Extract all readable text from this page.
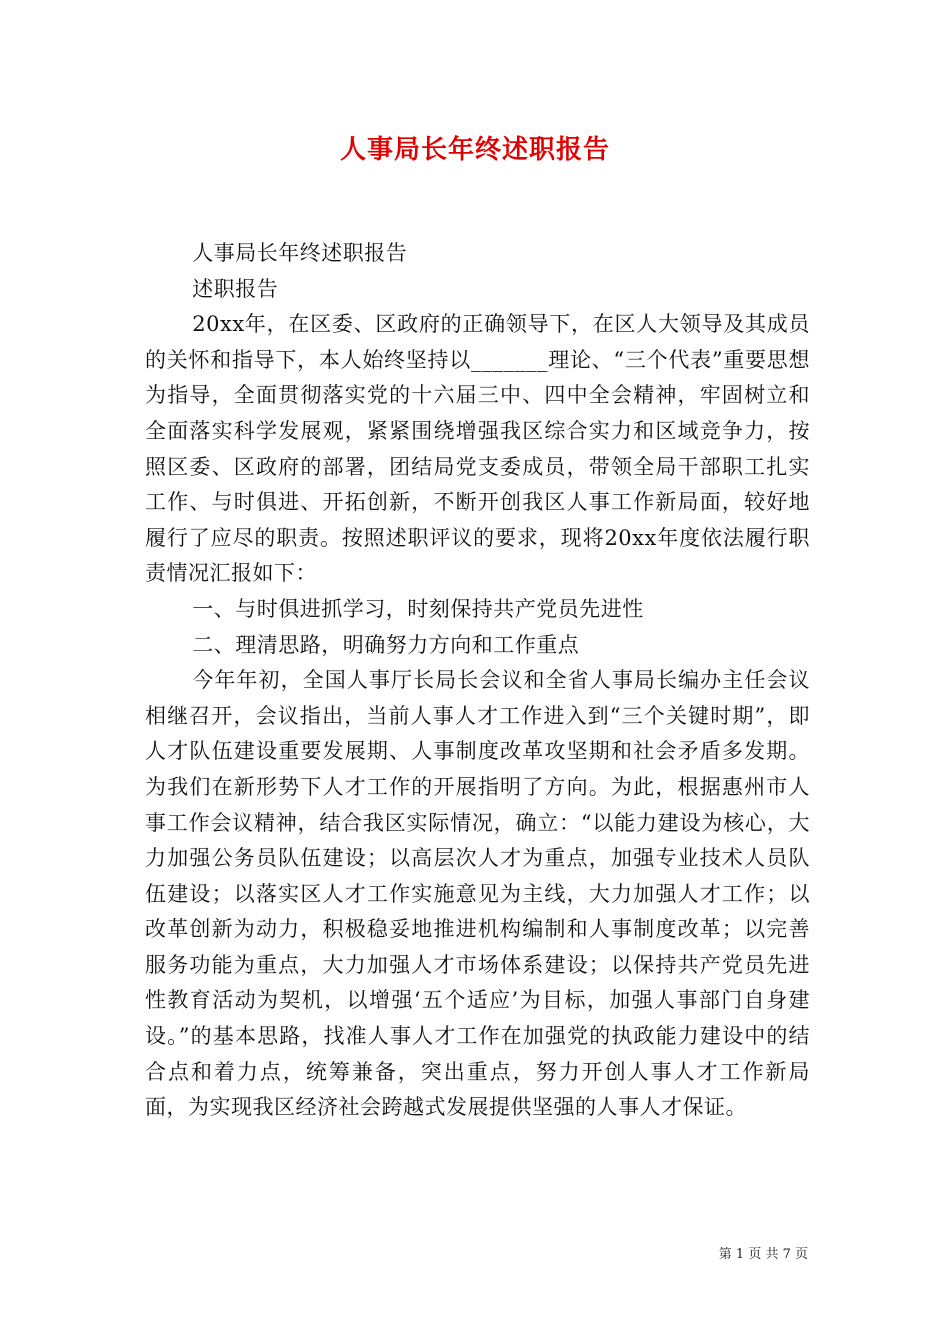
人事局长年终述职报告

人事局长年终述职报告

述职报告

20xx年，在区委、区政府的正确领导下，在区人大领导及其成员的关怀和指导下，本人始终坚持以_______理论、“三个代表”重要思想为指导，全面贯彻落实党的十六届三中、四中全会精神，牢固树立和全面落实科学发展观，紧紧围绕增强我区综合实力和区域竞争力，按照区委、区政府的部署，团结局党支委成员，带领全局干部职工扎实工作、与时俱进、开拓创新，不断开创我区人事工作新局面，较好地履行了应尽的职责。按照述职评议的要求，现将20xx年度依法履行职责情况汇报如下：

一、与时俱进抓学习，时刻保持共产党员先进性

二、理清思路，明确努力方向和工作重点

今年年初，全国人事厅长局长会议和全省人事局长编办主任会议相继召开，会议指出，当前人事人才工作进入到“三个关键时期”，即人才队伍建设重要发展期、人事制度改革攻坚期和社会矛盾多发期。为我们在新形势下人才工作的开展指明了方向。为此，根据惠州市人事工作会议精神，结合我区实际情况，确立：“以能力建设为核心，大力加强公务员队伍建设；以高层次人才为重点，加强专业技术人员队伍建设；以落实区人才工作实施意见为主线，大力加强人才工作；以改革创新为动力，积极稳妥地推进机构编制和人事制度改革；以完善服务功能为重点，大力加强人才市场体系建设；以保持共产党员先进性教育活动为契机，以增强‘五个适应’为目标，加强人事部门自身建设。”的基本思路，找准人事人才工作在加强党的执政能力建设中的结合点和着力点，统筹兼备，突出重点，努力开创人事人才工作新局面，为实现我区经济社会跨越式发展提供坚强的人事人才保证。

第 1 页 共 7 页
